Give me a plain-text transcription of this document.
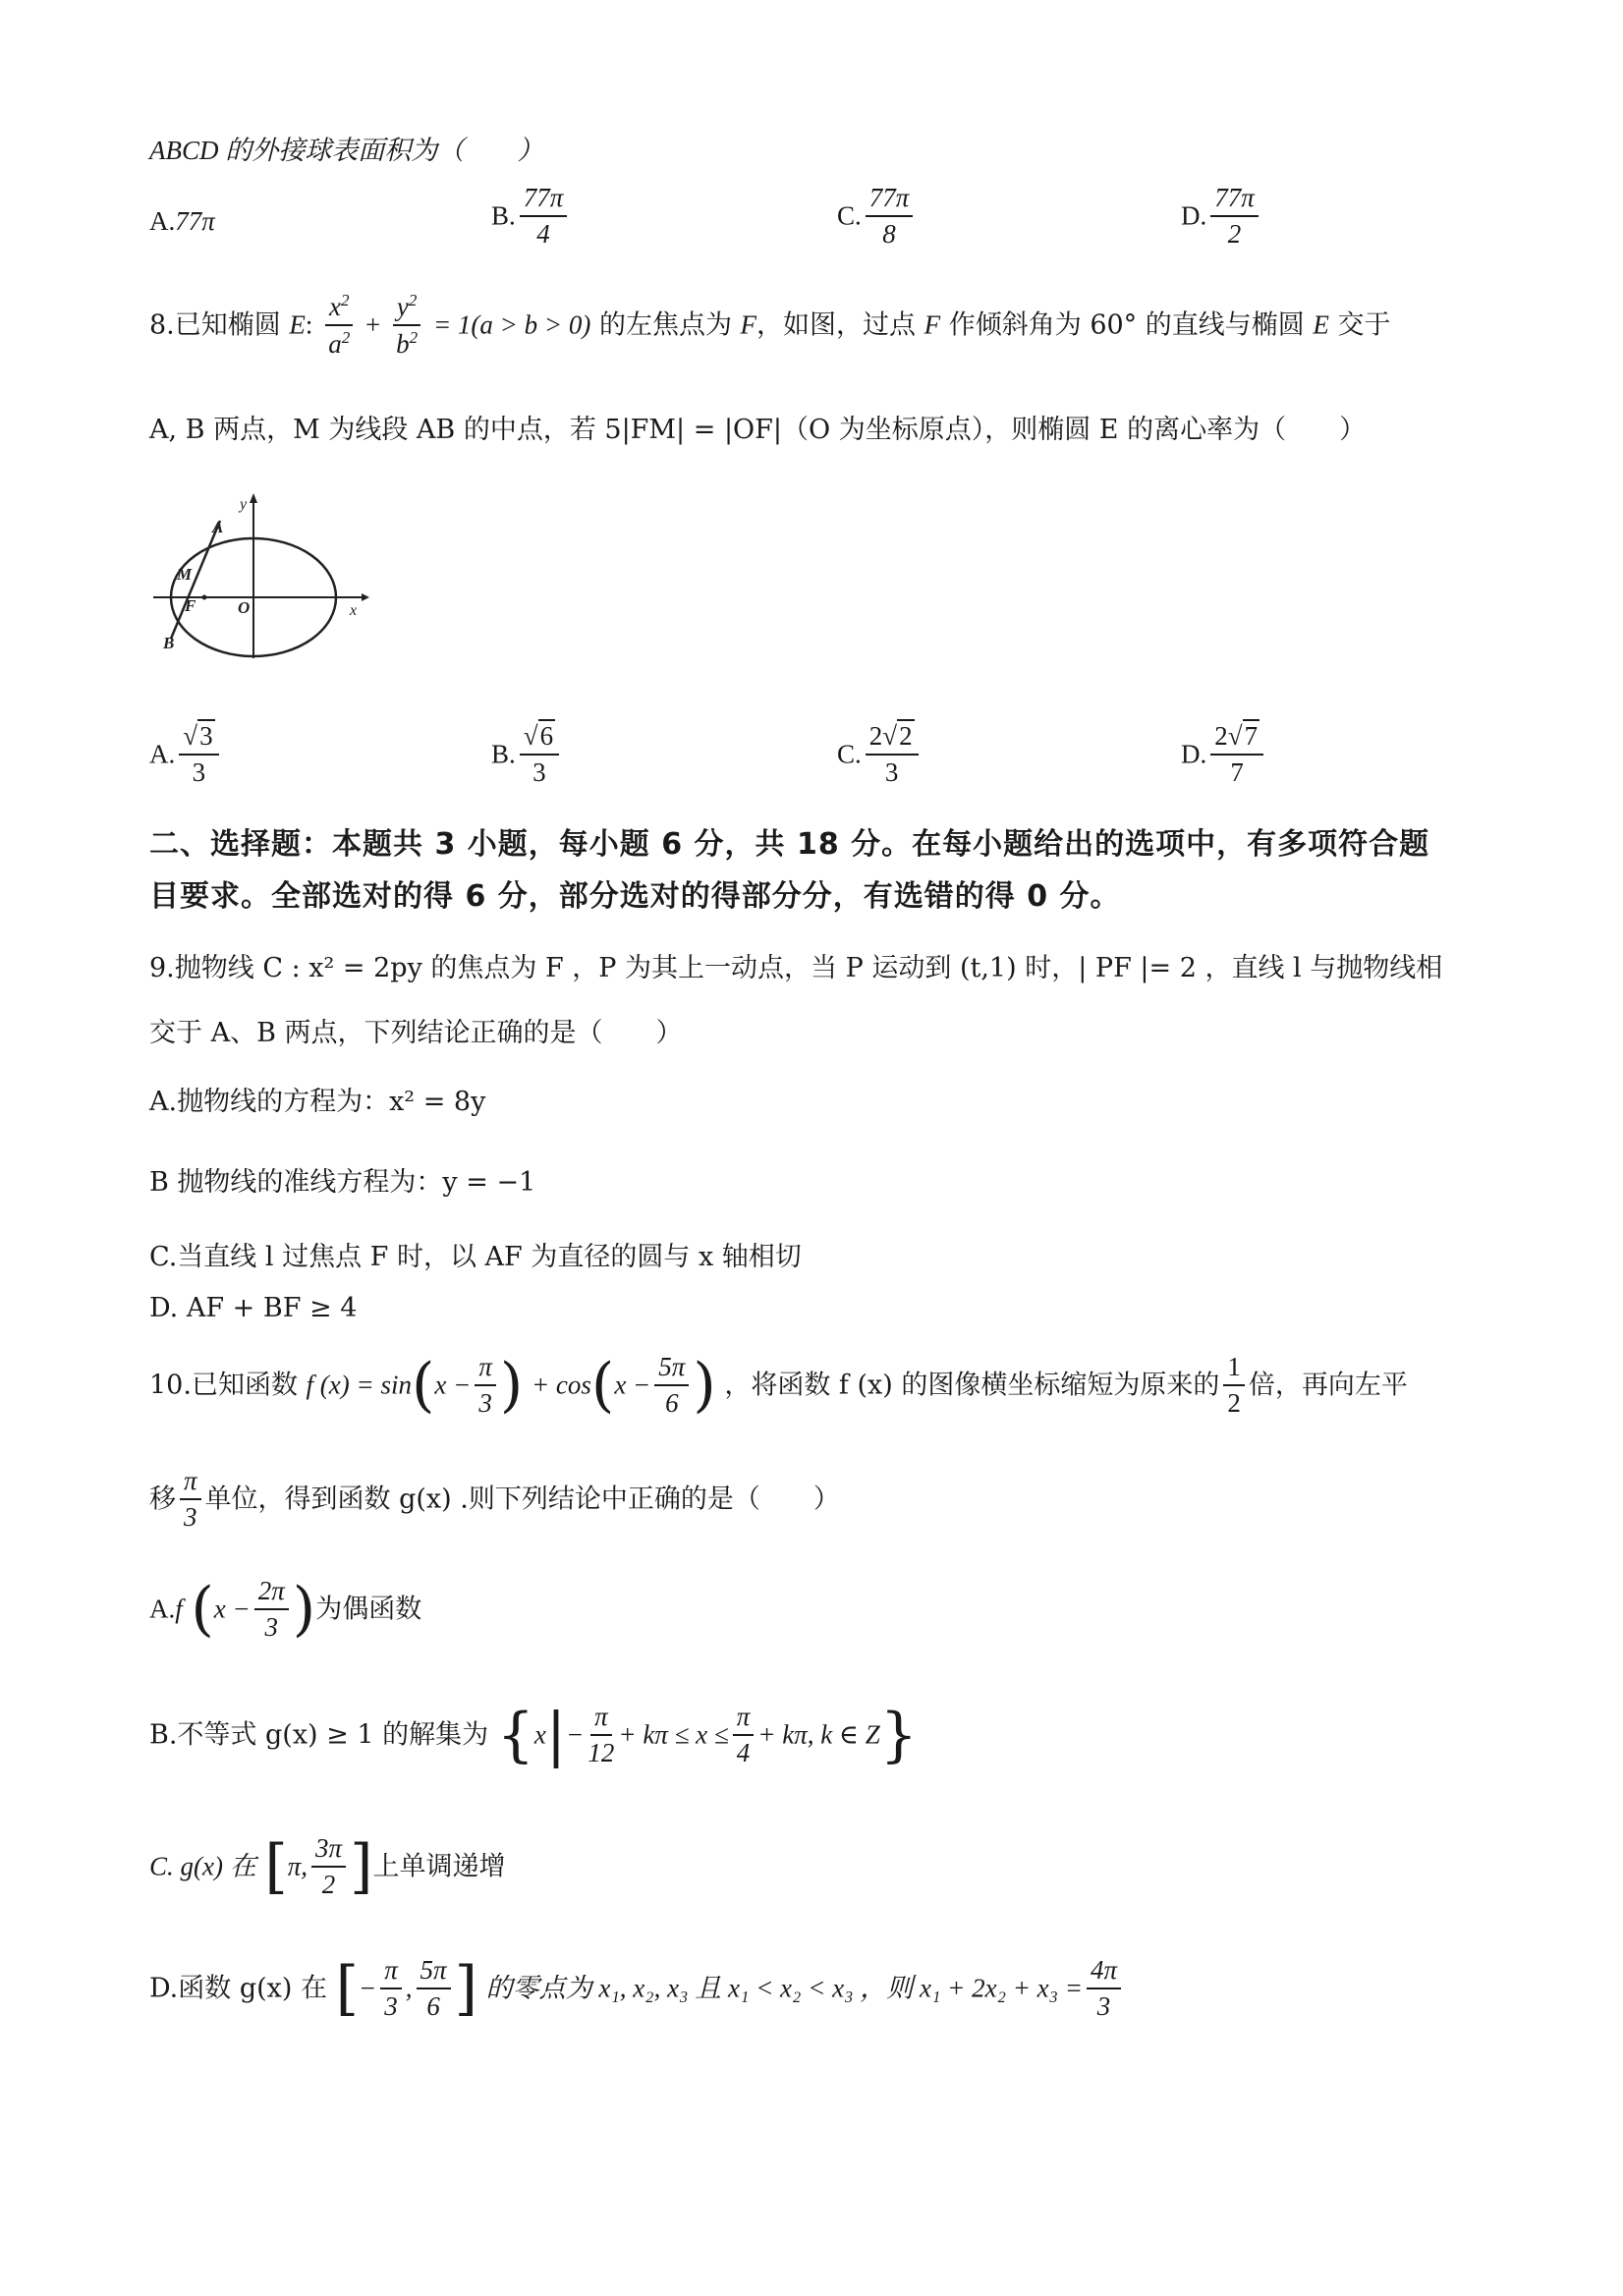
ABCD 的外接球表面积为（　　）
A.77π	B. $\frac{77\pi}{4}$	C. $\frac{77\pi}{8}$	D. $\frac{77\pi}{2}$
8.已知椭圆 E: $\frac{x^2}{a^2} + \frac{y^2}{b^2} = 1(a > b > 0)$ 的左焦点为 F，如图，过点 F 作倾斜角为 60° 的直线与椭圆 E 交于
A, B 两点，M 为线段 AB 的中点，若 5|FM| = |OF|（O 为坐标原点），则椭圆 E 的离心率为（　　）
y
x
A
M
F	O
B
A. $\frac{√3}{3}$	B. $\frac{√6}{3}$	C. $\frac{2√2}{3}$	D. $\frac{2√7}{7}$
二、选择题：本题共 3 小题，每小题 6 分，共 18 分。在每小题给出的选项中，有多项符合题
目要求。全部选对的得 6 分，部分选对的得部分分，有选错的得 0 分。
9.抛物线 C : x² = 2py 的焦点为 F ，P 为其上一动点，当 P 运动到 (t,1) 时，| PF |= 2 ，直线 l 与抛物线相
交于 A、B 两点，下列结论正确的是（　　）
A.抛物线的方程为：x² = 8y
B 抛物线的准线方程为：y = −1
C.当直线 l 过焦点 F 时，以 AF 为直径的圆与 x 轴相切
D. AF + BF ≥ 4
10.已知函数 f $(x) = \sin(x - \frac{\pi}{3}$ ) + $\cos(x - \frac{5\pi}{6}$ ) ，将函数 f (x) 的图像横坐标缩短为原来的 $\frac{1}{2}$ 倍，再向左平
移 $\frac{\pi}{3}$ 单位，得到函数 g(x) .则下列结论中正确的是（　　）
A.f ($x - \frac{2\pi}{3}$ )为偶函数
B.不等式 g(x) ≥ 1 的解集为 {$x|- \frac{\pi}{12} + k\pi \le x \le \frac{\pi}{4} + k\pi$, k ∈ Z}
C. g(x) 在 [π, $\frac{3\pi}{2}$ ]上单调递增
D.函数 g(x) 在 [− $\frac{\pi}{3}$ , $\frac{5\pi}{6}$ ] 的零点为 x₁, x₂, x₃ 且 x₁ < x₂ < x₃ ，则 $x_1 + 2x_2 + x_3 = \frac{4\pi}{3}$
